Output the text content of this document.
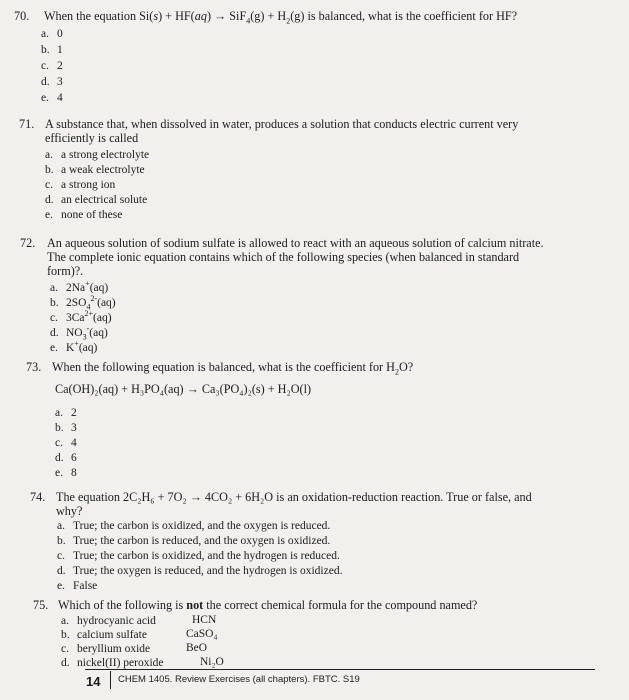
70.	When the equation $Si(s) + HF(aq) \to SiF_4(g) + H_2(g)$ is balanced, what is the coefficient for HF?
a. 0
b. 1
c. 2
d. 3
e. 4
71. A substance that, when dissolved in water, produces a solution that conducts electric current very
efficiently is called
a. a strong electrolyte
b. a weak electrolyte
c. a strong ion
d. an electrical solute
e. none of these
72. An aqueous solution of sodium sulfate is allowed to react with an aqueous solution of calcium nitrate.
The complete ionic equation contains which of the following species (when balanced in standard
form)?.
a. 2Na+(aq)
b. $2SO_4^{2-}(aq)$
c. $3Ca^{2+}(aq)$
d. $NO_3^-(aq)$
e. K+(aq)
73. When the following equation is balanced, what is the coefficient for $H_2O$?
Ca(OH)₂(aq) + H₃PO₄(aq) → Ca₃(PO₄)₂(s) + H₂O(l)
a. 2
b. 3
c. 4
d. 6
e. 8
74. The equation 2C₂H₆ + 7O₂ → 4CO₂ + 6H₂O is an oxidation-reduction reaction. True or false, and
why?
a. True; the carbon is oxidized, and the oxygen is reduced.
b. True; the carbon is reduced, and the oxygen is oxidized.
c. True; the carbon is oxidized, and the hydrogen is reduced.
d. True; the oxygen is reduced, and the hydrogen is oxidized.
e. False
75. Which of the following is not the correct chemical formula for the compound named?
a. hydrocyanic acid	HCN
b. calcium sulfate	CaSO₄
c. beryllium oxide	BeO
d. nickel(II) peroxide	Ni₂O
14 CHEM 1405. Review Exercises (all chapters). FBTC. S19
